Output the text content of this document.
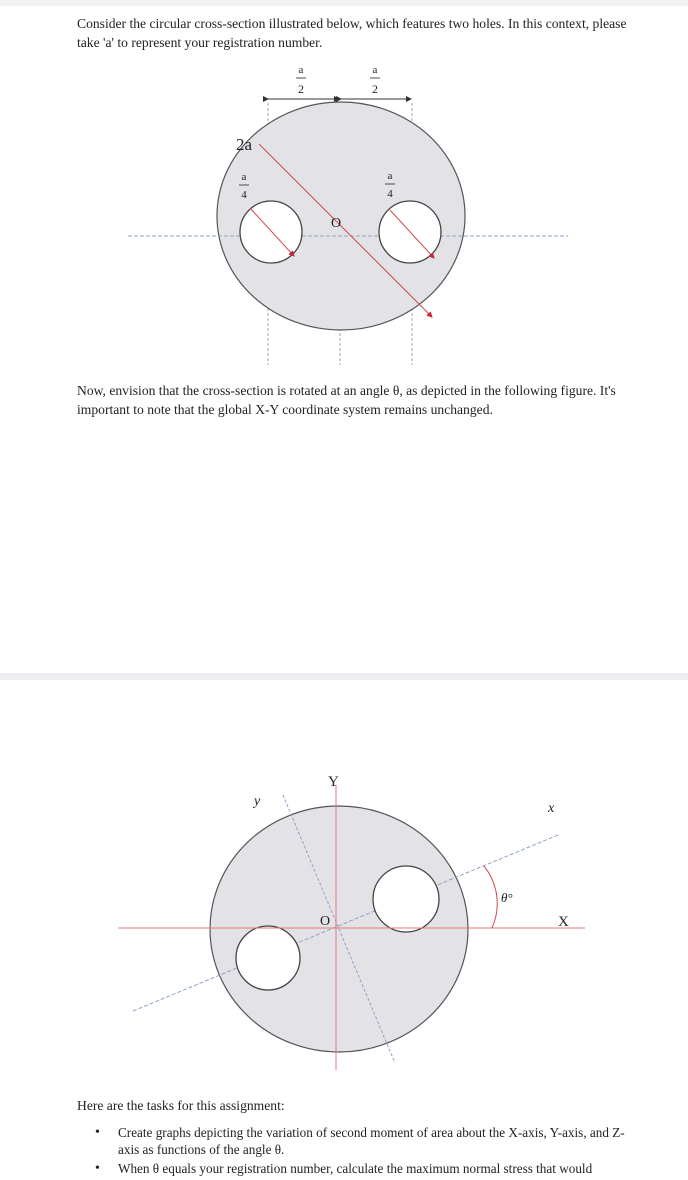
Consider the circular cross-section illustrated below, which features two holes. In this context, please take 'a' to represent your registration number.

a
2
a
2
2a
a
4
a
4
O

Now, envision that the cross-section is rotated at an angle θ, as depicted in the following figure. It's important to note that the global X-Y coordinate system remains unchanged.

Y
X
y	x
O
θ°

Here are the tasks for this assignment:

• Create graphs depicting the variation of second moment of area about the X-axis, Y-axis, and Z-axis as functions of the angle θ.
• When θ equals your registration number, calculate the maximum normal stress that would
